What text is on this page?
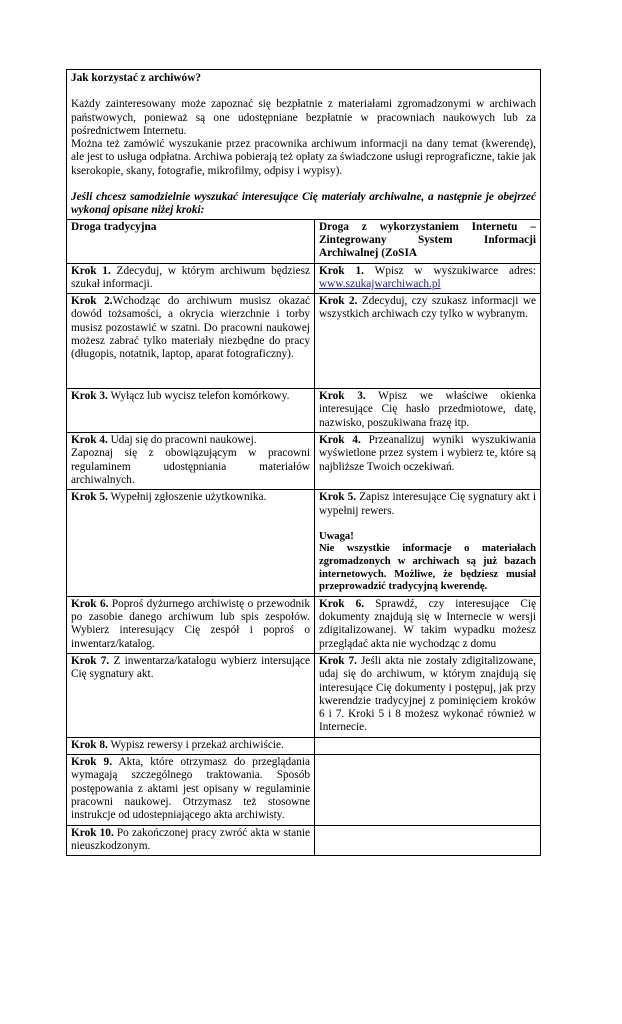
Jak korzystać z archiwów?

Każdy zainteresowany może zapoznać się bezpłatnie z materiałami zgromadzonymi w archiwach państwowych, ponieważ są one udostępniane bezpłatnie w pracowniach naukowych lub za pośrednictwem Internetu.

Można też zamówić wyszukanie przez pracownika archiwum informacji na dany temat (kwerendę), ale jest to usługa odpłatna. Archiwa pobierają też opłaty za świadczone usługi reprograficzne, takie jak kserokopie, skany, fotografie, mikrofilmy, odpisy i wypisy).

Jeśli chcesz samodzielnie wyszukać interesujące Cię materiały archiwalne, a następnie je obejrzeć wykonaj opisane niżej kroki:	

Droga tradycyjna	Droga z wykorzystaniem Internetu – Zintegrowany System Informacji Archiwalnej (ZoSIA
Krok 1. Zdecyduj, w którym archiwum będziesz szukał informacji.	Krok 1. Wpisz w wyszukiwarce adres: www.szukajwarchiwach.pl
Krok 2.Wchodząc do archiwum musisz okazać dowód tożsamości, a okrycia wierzchnie i torby musisz pozostawić w szatni. Do pracowni naukowej możesz zabrać tylko materiały niezbędne do pracy (długopis, notatnik, laptop, aparat fotograficzny).	Krok 2. Zdecyduj, czy szukasz informacji we wszystkich archiwach czy tylko w wybranym.
Krok 3. Wyłącz lub wycisz telefon komórkowy.	Krok 3. Wpisz we właściwe okienka interesujące Cię hasło przedmiotowe, datę, nazwisko, poszukiwana frazę itp.
Krok 4. Udaj się do pracowni naukowej.
Zapoznaj się z obowiązującym w pracowni regulaminem udostępniania materiałów archiwalnych.	Krok 4. Przeanalizuj wyniki wyszukiwania wyświetlone przez system i wybierz te, które są najbliższe Twoich oczekiwań.
Krok 5. Wypełnij zgłoszenie użytkownika.	Krok 5. Zapisz interesujące Cię sygnatury akt i wypełnij rewers.
Uwaga!
Nie wszystkie informacje o materiałach zgromadzonych w archiwach są już bazach internetowych. Możliwe, że będziesz musiał przeprowadzić tradycyjną kwerendę.

Krok 6. Poproś dyżurnego archiwistę o przewodnik po zasobie danego archiwum lub spis zespołów. Wybierz interesujący Cię zespół i poproś o inwentarz/katalog.	Krok 6. Sprawdź, czy interesujące Cię dokumenty znajdują się w Internecie w wersji zdigitalizowanej. W takim wypadku możesz przeglądać akta nie wychodząc z domu
Krok 7. Z inwentarza/katalogu wybierz intersujące Cię sygnatury akt.	Krok 7. Jeśli akta nie zostały zdigitalizowane, udaj się do archiwum, w którym znajdują się interesujące Cię dokumenty i postępuj, jak przy kwerendzie tradycyjnej z pominięciem kroków 6 i 7. Kroki 5 i 8 możesz wykonać również w Internecie.
Krok 8. Wypisz rewersy i przekaż archiwiście.	
Krok 9. Akta, które otrzymasz do przeglądania wymagają szczególnego traktowania. Sposób postępowania z aktami jest opisany w regulaminie pracowni naukowej. Otrzymasz też stosowne instrukcje od udostepniającego akta archiwisty.	
Krok 10. Po zakończonej pracy zwróć akta w stanie nieuszkodzonym.	
